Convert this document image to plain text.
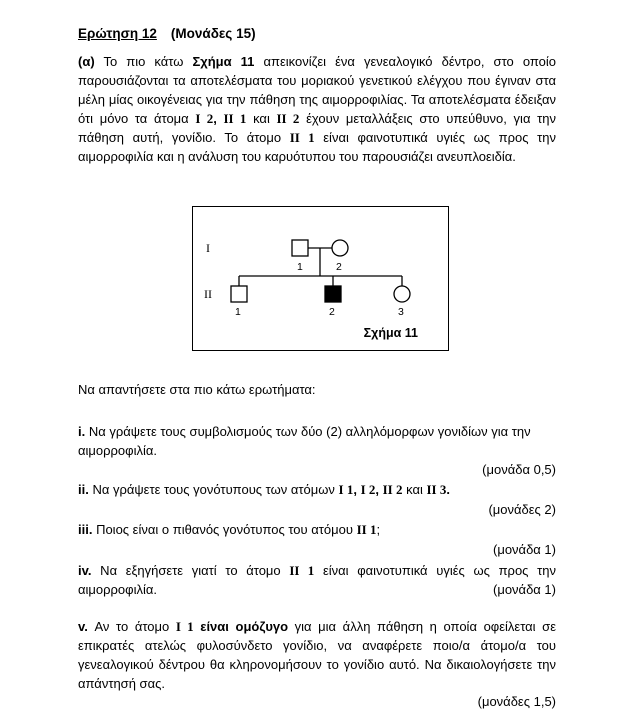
Ερώτηση 12 (Μονάδες 15)
(α) Το πιο κάτω Σχήμα 11 απεικονίζει ένα γενεαλογικό δέντρο, στο οποίο παρουσιάζονται τα αποτελέσματα του μοριακού γενετικού ελέγχου που έγιναν στα μέλη μίας οικογένειας για την πάθηση της αιμορροφιλίας. Τα αποτελέσματα έδειξαν ότι μόνο τα άτομα Ι 2, ΙΙ 1 και ΙΙ 2 έχουν μεταλλάξεις στο υπεύθυνο, για την πάθηση αυτή, γονίδιο. Το άτομο ΙΙ 1 είναι φαινοτυπικά υγιές ως προς την αιμορροφιλία και η ανάλυση του καρυότυπου του παρουσιάζει ανευπλοειδία.
I
II
1	2
1	2	3
Σχήμα 11
Να απαντήσετε στα πιο κάτω ερωτήματα:
i. Να γράψετε τους συμβολισμούς των δύο (2) αλληλόμορφων γονιδίων για την αιμορροφιλία.
(μονάδα 0,5)
ii. Να γράψετε τους γονότυπους των ατόμων Ι 1, Ι 2, ΙΙ 2 και ΙΙ 3.
(μονάδες 2)
iii. Ποιος είναι ο πιθανός γονότυπος του ατόμου ΙΙ 1;
(μονάδα 1)
iv. Να εξηγήσετε γιατί το άτομο ΙΙ 1 είναι φαινοτυπικά υγιές ως προς την
αιμορροφιλία.	(μονάδα 1)
v. Αν το άτομο Ι 1 είναι ομόζυγο για μια άλλη πάθηση η οποία οφείλεται σε επικρατές ατελώς φυλοσύνδετο γονίδιο, να αναφέρετε ποιο/α άτομο/α του γενεαλογικού δέντρου θα κληρονομήσουν το γονίδιο αυτό. Να δικαιολογήσετε την απάντησή σας.
(μονάδες 1,5)
